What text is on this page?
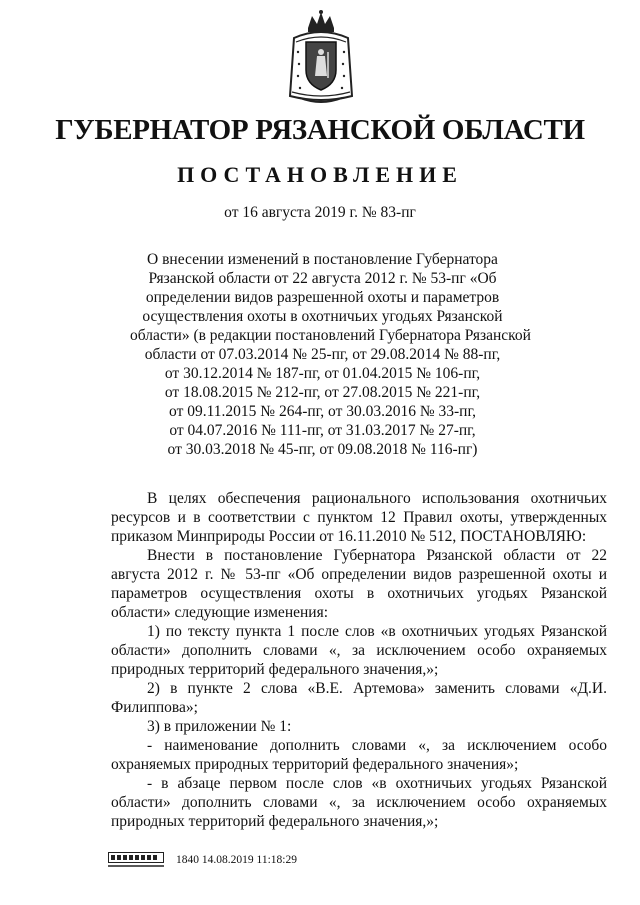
ГУБЕРНАТОР РЯЗАНСКОЙ ОБЛАСТИ
ПОСТАНОВЛЕНИЕ
от 16 августа 2019 г. № 83-пг
О внесении изменений в постановление Губернатора
Рязанской области от 22 августа 2012 г. № 53-пг «Об
определении видов разрешенной охоты и параметров
осуществления охоты в охотничьих угодьях Рязанской
области» (в редакции постановлений Губернатора Рязанской
области от 07.03.2014 № 25-пг, от 29.08.2014 № 88-пг,
от 30.12.2014 № 187-пг, от 01.04.2015 № 106-пг,
от 18.08.2015 № 212-пг, от 27.08.2015 № 221-пг,
от 09.11.2015 № 264-пг, от 30.03.2016 № 33-пг,
от 04.07.2016 № 111-пг, от 31.03.2017 № 27-пг,
от 30.03.2018 № 45-пг, от 09.08.2018 № 116-пг)

В целях обеспечения рационального использования охотничьих ресурсов и в соответствии с пунктом 12 Правил охоты, утвержденных приказом Минприроды России от 16.11.2010 № 512, ПОСТАНОВЛЯЮ:

Внести в постановление Губернатора Рязанской области от 22 августа 2012 г. № 53-пг «Об определении видов разрешенной охоты и параметров осуществления охоты в охотничьих угодьях Рязанской области» следующие изменения:

1) по тексту пункта 1 после слов «в охотничьих угодьях Рязанской области» дополнить словами «, за исключением особо охраняемых природных территорий федерального значения,»;

2) в пункте 2 слова «В.Е. Артемова» заменить словами «Д.И. Филиппова»;

3) в приложении № 1:

- наименование дополнить словами «, за исключением особо охраняемых природных территорий федерального значения»;

- в абзаце первом после слов «в охотничьих угодьях Рязанской области» дополнить словами «, за исключением особо охраняемых природных территорий федерального значения,»;

1840 14.08.2019 11:18:29
